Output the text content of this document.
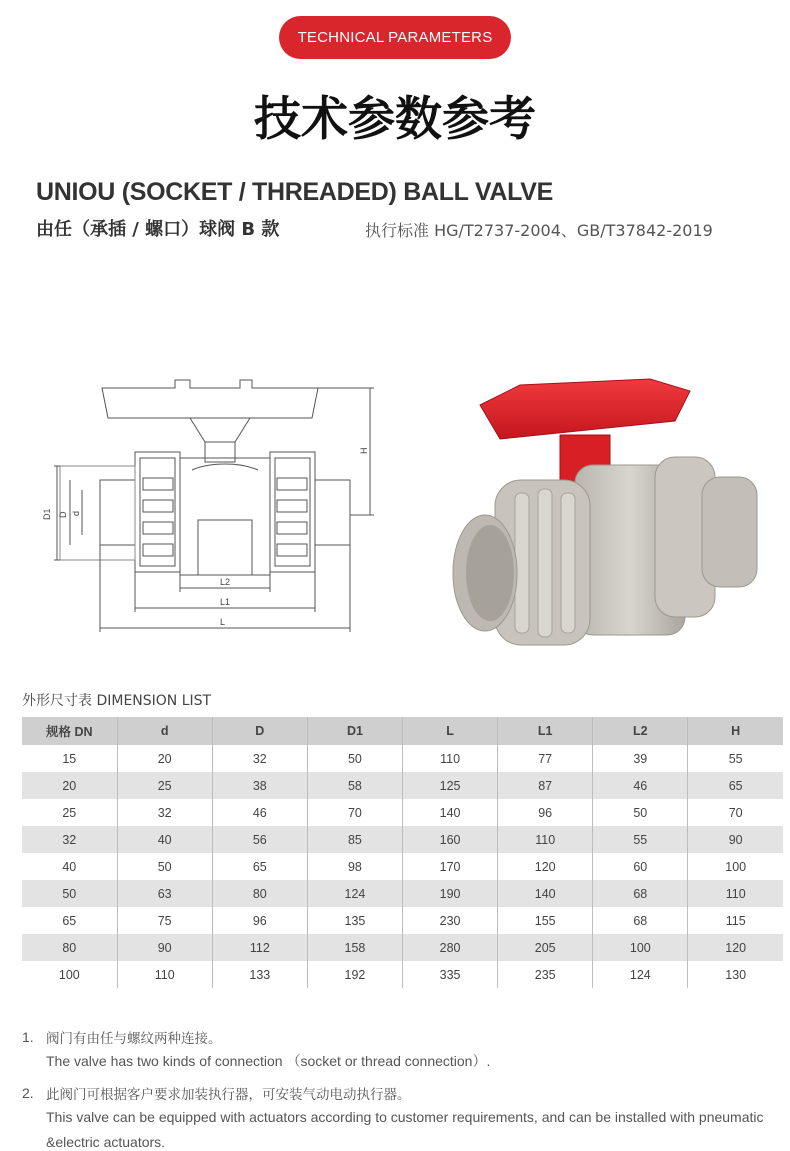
TECHNICAL PARAMETERS
技术参数参考
UNIOU (SOCKET / THREADED) BALL VALVE
由任（承插 / 螺口）球阀 B 款	执行标准 HG/T2737-2004、GB/T37842-2019
D1 D d
H
L2
L1
L
外形尺寸表 DIMENSION LIST
规格 DN	d	D	D1	L	L1	L2	H
15	20	32	50	110	77	39	55
20	25	38	58	125	87	46	65
25	32	46	70	140	96	50	70
32	40	56	85	160	110	55	90
40	50	65	98	170	120	60	100
50	63	80	124	190	140	68	110
65	75	96	135	230	155	68	115
80	90	112	158	280	205	100	120
100	110	133	192	335	235	124	130
1. 阀门有由任与螺纹两种连接。
The valve has two kinds of connection （socket or thread connection）.
2. 此阀门可根据客户要求加装执行器，可安装气动电动执行器。
This valve can be equipped with actuators according to customer requirements, and can be installed with pneumatic &electric actuators.
